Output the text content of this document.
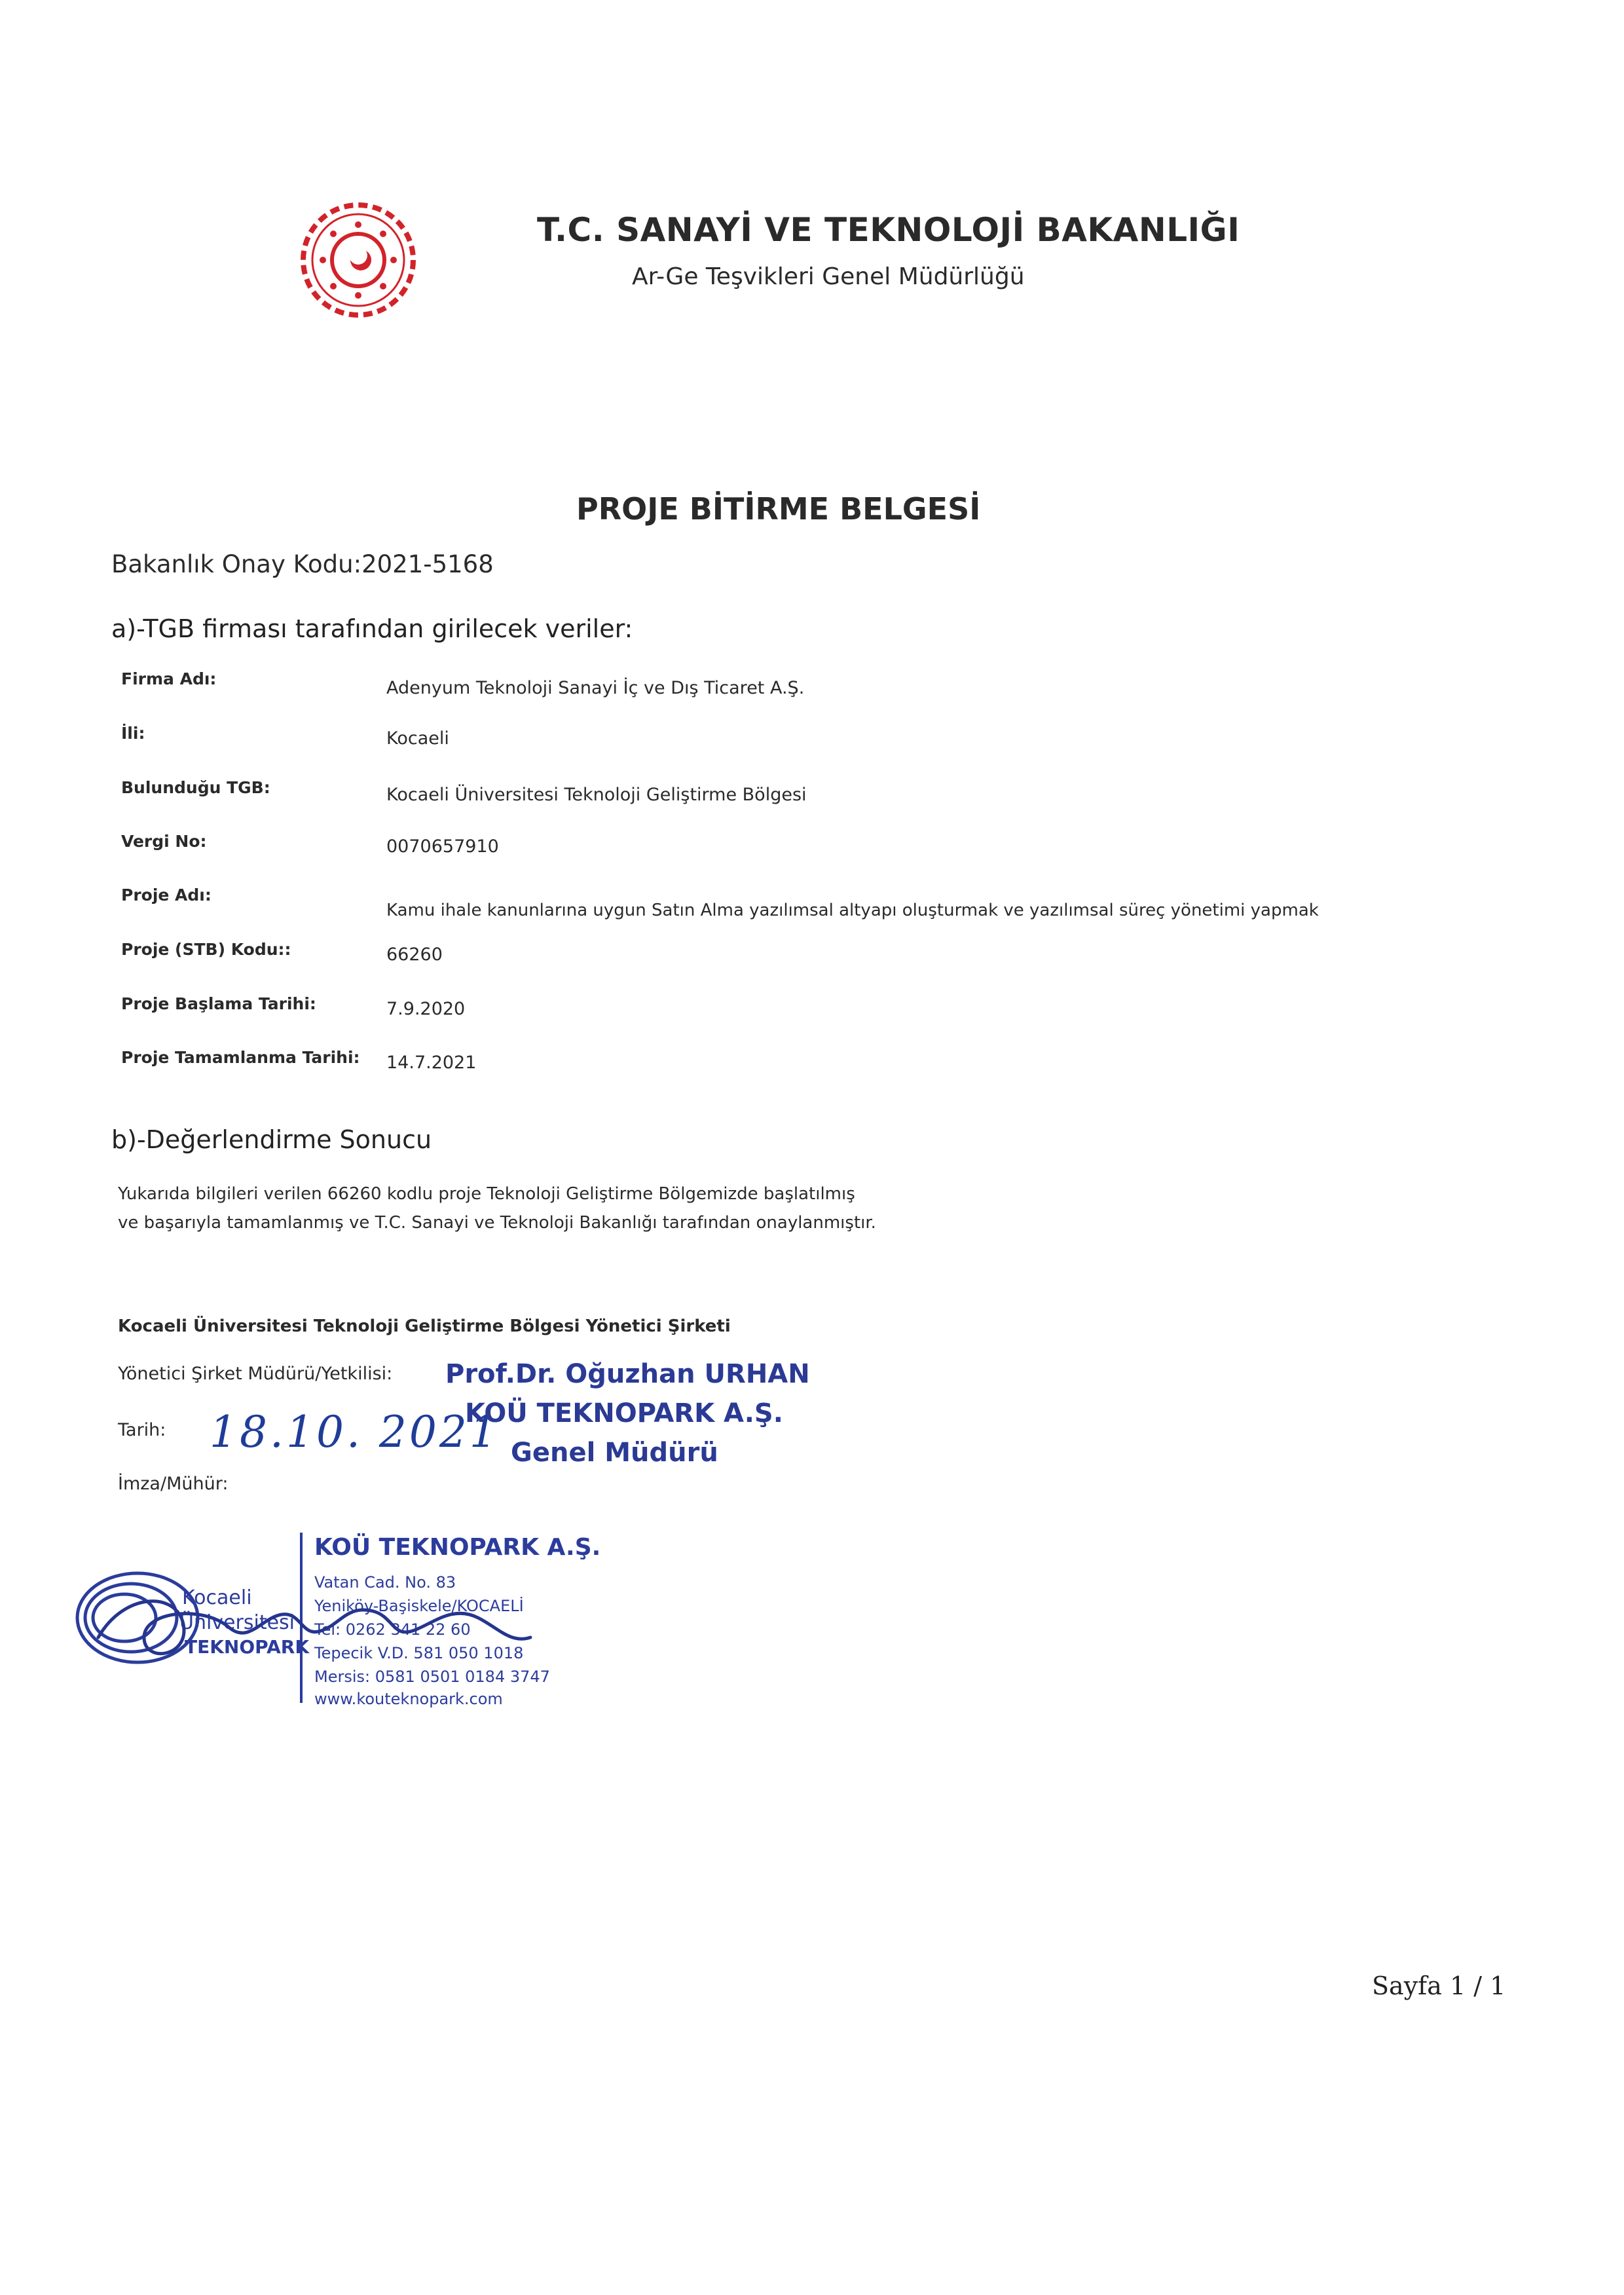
T.C. SANAYİ VE TEKNOLOJİ BAKANLIĞI
Ar-Ge Teşvikleri Genel Müdürlüğü
PROJE BİTİRME BELGESİ
Bakanlık Onay Kodu:2021-5168
a)-TGB firması tarafından girilecek veriler:
Firma Adı:	Adenyum Teknoloji Sanayi İç ve Dış Ticaret A.Ş.
İli:	Kocaeli
Bulunduğu TGB:	Kocaeli Üniversitesi Teknoloji Geliştirme Bölgesi
Vergi No:	0070657910
Proje Adı:
Kamu ihale kanunlarına uygun Satın Alma yazılımsal altyapı oluşturmak ve yazılımsal süreç yönetimi yapmak
Proje (STB) Kodu::	66260
Proje Başlama Tarihi:	7.9.2020
Proje Tamamlanma Tarihi: 14.7.2021
b)-Değerlendirme Sonucu
Yukarıda bilgileri verilen 66260 kodlu proje Teknoloji Geliştirme Bölgemizde başlatılmış
ve başarıyla tamamlanmış ve T.C. Sanayi ve Teknoloji Bakanlığı tarafından onaylanmıştır.
Kocaeli Üniversitesi Teknoloji Geliştirme Bölgesi Yönetici Şirketi
Yönetici Şirket Müdürü/Yetkilisi:
Tarih: 18.10. 2021
İmza/Mühür:
Prof.Dr. Oğuzhan URHAN
KOÜ TEKNOPARK A.Ş.
Genel Müdürü
Kocaeli
Üniversitesi
TEKNOPARK
KOÜ TEKNOPARK A.Ş.
Vatan Cad. No. 83
Yeniköy-Başiskele/KOCAELİ
Tel: 0262 341 22 60
Tepecik V.D. 581 050 1018
Mersis: 0581 0501 0184 3747
www.kouteknopark.com
Sayfa 1 / 1
